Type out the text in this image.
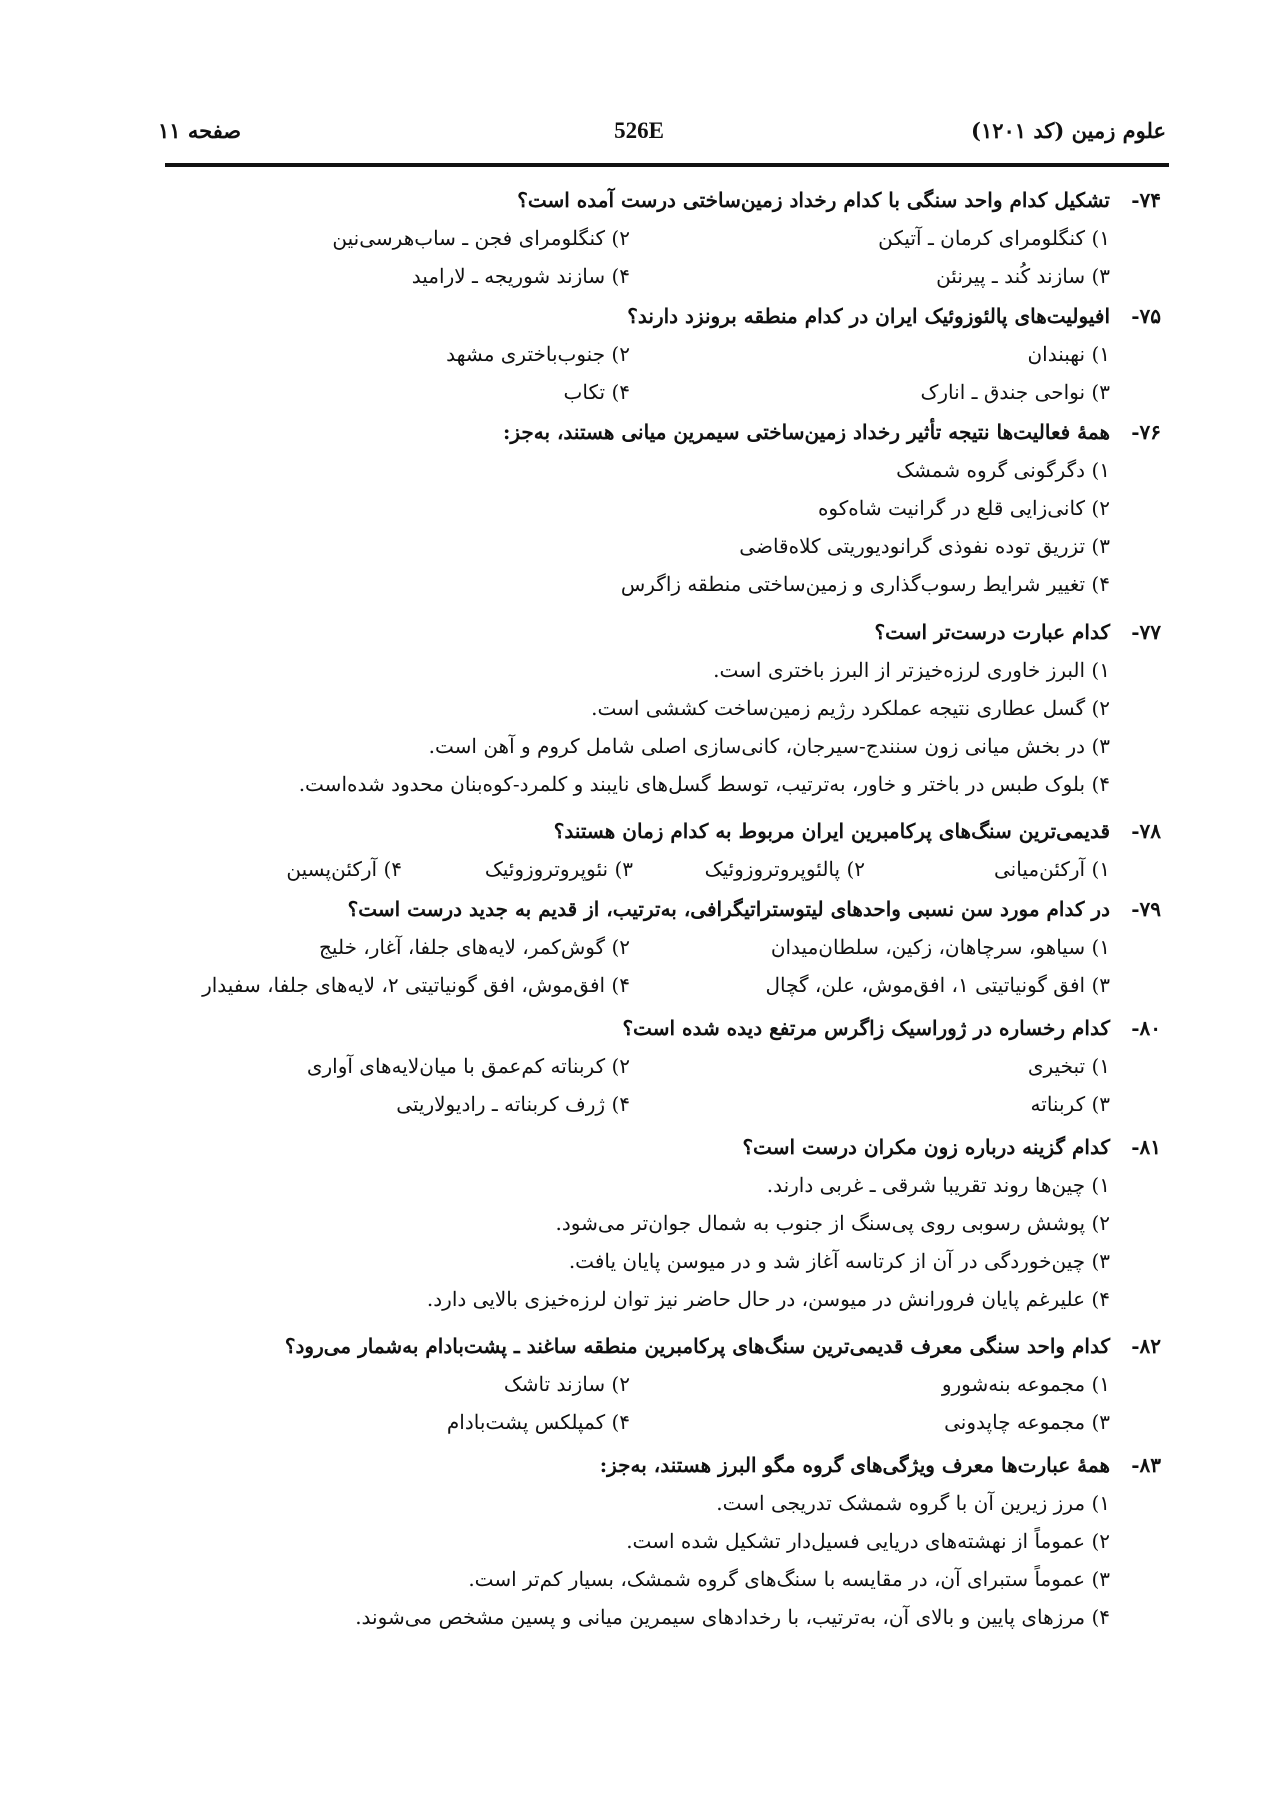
علوم زمین (کد ۱۲۰۱)
526E
صفحه ۱۱
۷۴-
تشکیل کدام واحد سنگی با کدام رخداد زمین‌ساختی درست آمده است؟
۱) کنگلومرای کرمان ـ آتیکن
۲) کنگلومرای فجن ـ ساب‌هرسی‌نین
۳) سازند کُند ـ پیرنئن
۴) سازند شوریجه ـ لارامید
۷۵-
افیولیت‌های پالئوزوئیک ایران در کدام منطقه برونزد دارند؟
۱) نهبندان
۲) جنوب‌باختری مشهد
۳) نواحی جندق ـ انارک
۴) تکاب
۷۶-
همهٔ فعالیت‌ها نتیجه تأثیر رخداد زمین‌ساختی سیمرین میانی هستند، به‌جز:
۱) دگرگونی گروه شمشک
۲) کانی‌زایی قلع در گرانیت شاه‌کوه
۳) تزریق توده نفوذی گرانودیوریتی کلاه‌قاضی
۴) تغییر شرایط رسوب‌گذاری و زمین‌ساختی منطقه زاگرس
۷۷-
کدام عبارت درست‌تر است؟
۱) البرز خاوری لرزه‌خیزتر از البرز باختری است.
۲) گسل عطاری نتیجه عملکرد رژیم زمین‌ساخت کششی است.
۳) در بخش میانی زون سنندج-سیرجان، کانی‌سازی اصلی شامل کروم و آهن است.
۴) بلوک طبس در باختر و خاور، به‌ترتیب، توسط گسل‌های نایبند و کلمرد-کوه‌بنان محدود شده‌است.
۷۸-
قدیمی‌ترین سنگ‌های پرکامبرین ایران مربوط به کدام زمان هستند؟
۱) آرکئن‌میانی
۲) پالئوپروتروزوئیک
۳) نئوپروتروزوئیک
۴) آرکئن‌پسین
۷۹-
در کدام مورد سن نسبی واحدهای لیتوستراتیگرافی، به‌ترتیب، از قدیم به جدید درست است؟
۱) سیاهو، سرچاهان، زکین، سلطان‌میدان
۲) گوش‌کمر، لایه‌های جلفا، آغار، خلیج
۳) افق گونیاتیتی ۱، افق‌موش، علن، گچال
۴) افق‌موش، افق گونیاتیتی ۲، لایه‌های جلفا، سفیدار
۸۰-
کدام رخساره در ژوراسیک زاگرس مرتفع دیده شده است؟
۱) تبخیری
۲) کربناته کم‌عمق با میان‌لایه‌های آواری
۳) کربناته
۴) ژرف کربناته ـ رادیولاریتی
۸۱-
کدام گزینه درباره زون مکران درست است؟
۱) چین‌ها روند تقریبا شرقی ـ غربی دارند.
۲) پوشش رسوبی روی پی‌سنگ از جنوب به شمال جوان‌تر می‌شود.
۳) چین‌خوردگی در آن از کرتاسه آغاز شد و در میوسن پایان یافت.
۴) علیرغم پایان فرورانش در میوسن، در حال حاضر نیز توان لرزه‌خیزی بالایی دارد.
۸۲-
کدام واحد سنگی معرف قدیمی‌ترین سنگ‌های پرکامبرین منطقه ساغند ـ پشت‌بادام به‌شمار می‌رود؟
۱) مجموعه بنه‌شورو
۲) سازند تاشک
۳) مجموعه چاپدونی
۴) کمپلکس پشت‌بادام
۸۳-
همهٔ عبارت‌ها معرف ویژگی‌های گروه مگو البرز هستند، به‌جز:
۱) مرز زیرین آن با گروه شمشک تدریجی است.
۲) عموماً از نهشته‌های دریایی فسیل‌دار تشکیل شده است.
۳) عموماً ستبرای آن، در مقایسه با سنگ‌های گروه شمشک، بسیار کم‌تر است.
۴) مرزهای پایین و بالای آن، به‌ترتیب، با رخدادهای سیمرین میانی و پسین مشخص می‌شوند.
